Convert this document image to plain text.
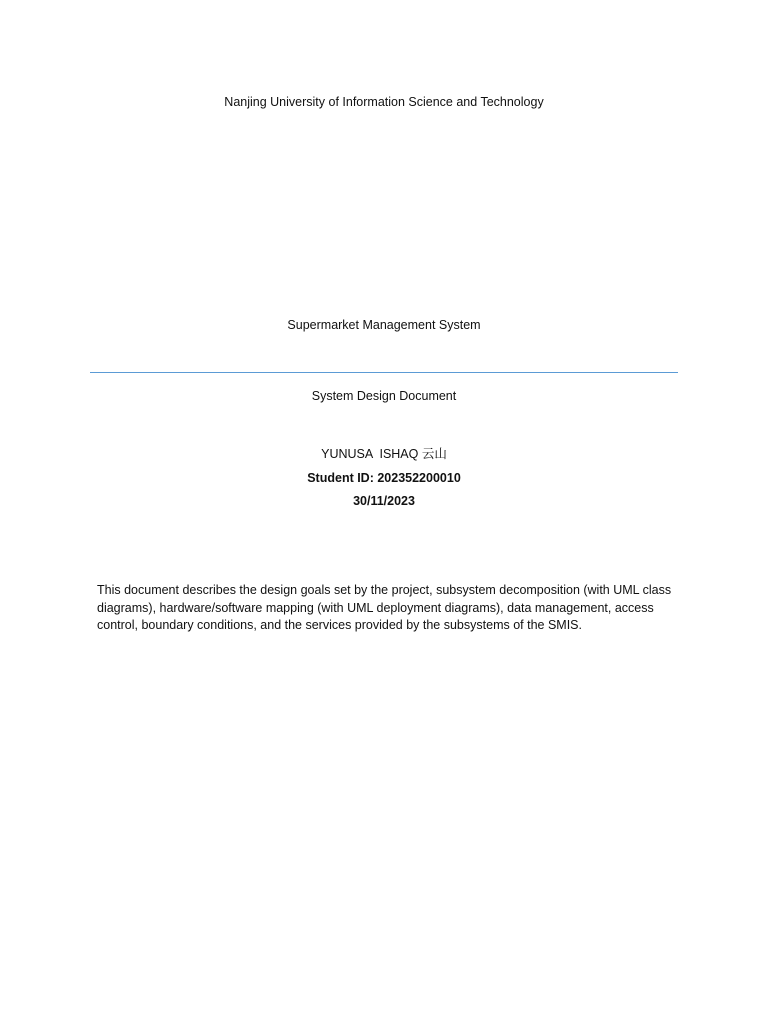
Nanjing University of Information Science and Technology
Supermarket Management System
System Design Document
YUNUSA  ISHAQ 云山
Student ID: 202352200010
30/11/2023
This document describes the design goals set by the project, subsystem decomposition (with UML class diagrams), hardware/software mapping (with UML deployment diagrams), data management, access control, boundary conditions, and the services provided by the subsystems of the SMIS.
